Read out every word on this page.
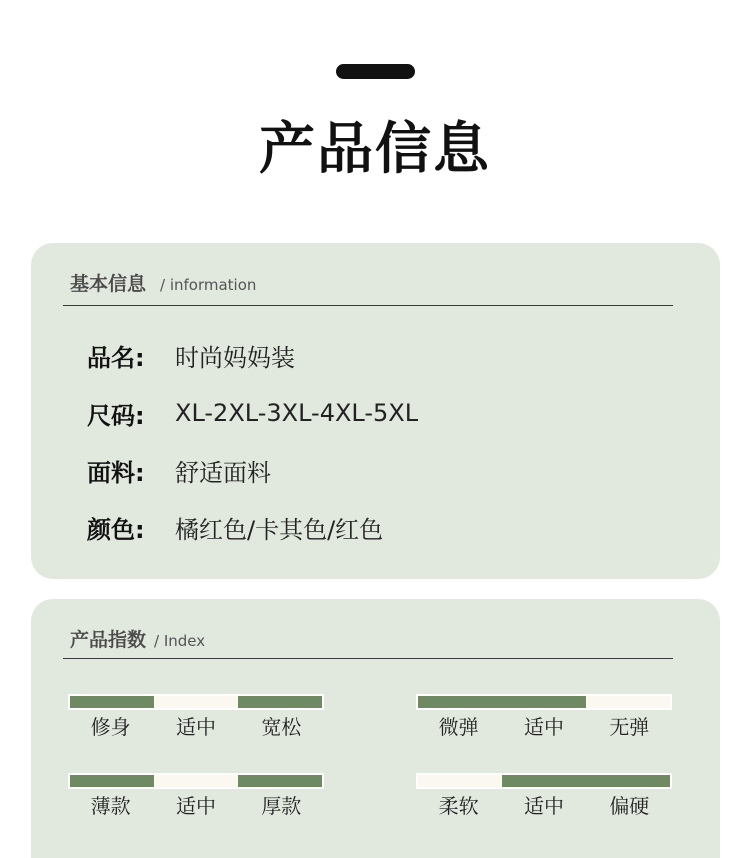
产品信息
基本信息 / information
品名:	时尚妈妈装
尺码:	XL-2XL-3XL-4XL-5XL
面料:	舒适面料
颜色:	橘红色/卡其色/红色
产品指数 / Index
修身	适中	宽松	微弹	适中	无弹
薄款	适中	厚款	柔软	适中	偏硬
